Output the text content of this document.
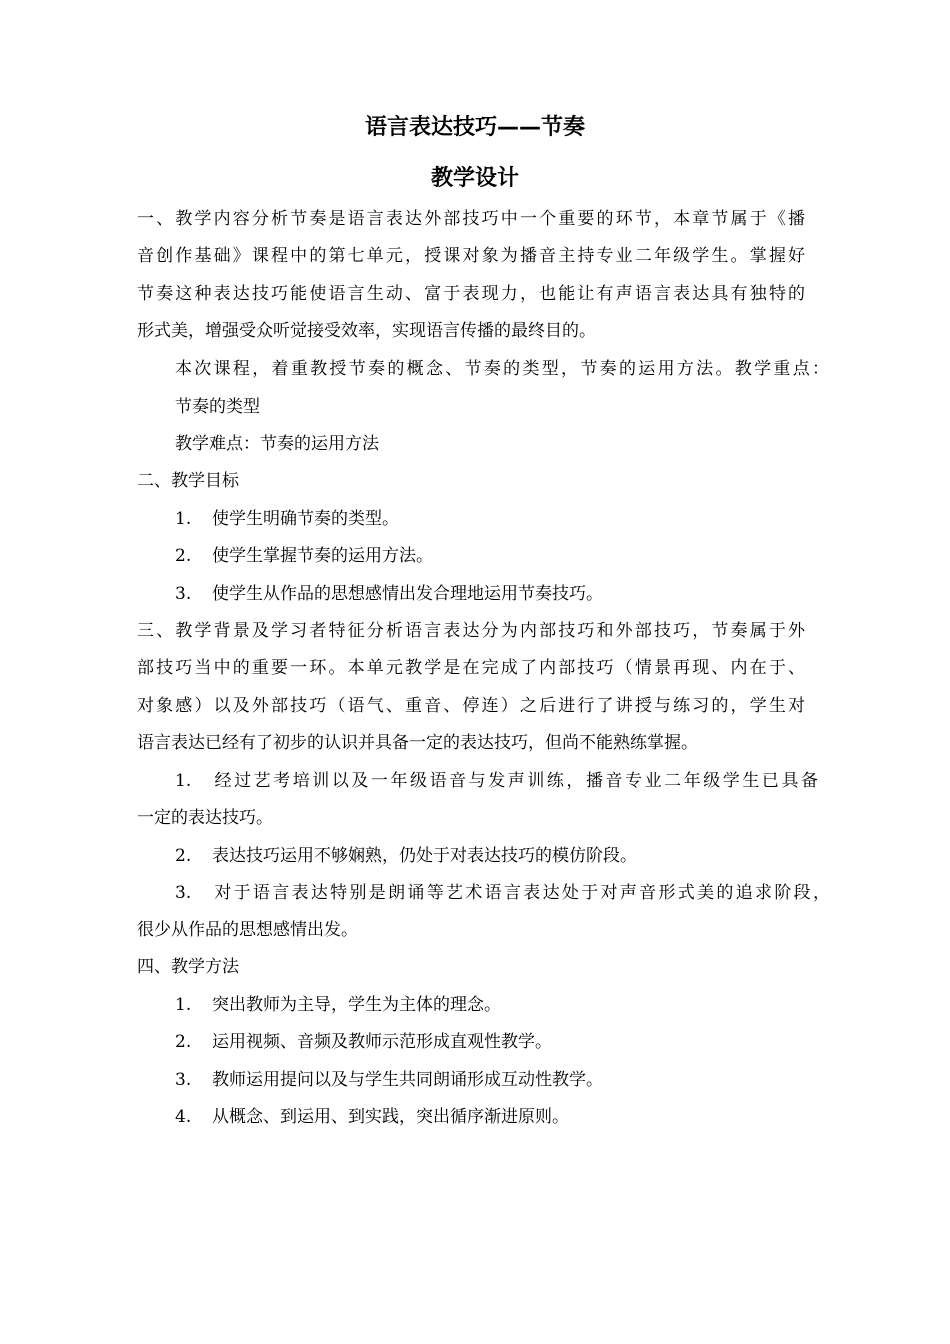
语言表达技巧——节奏
教学设计

一、教学内容分析节奏是语言表达外部技巧中一个重要的环节，本章节属于《播

音创作基础》课程中的第七单元，授课对象为播音主持专业二年级学生。掌握好

节奏这种表达技巧能使语言生动、富于表现力，也能让有声语言表达具有独特的

形式美，增强受众听觉接受效率，实现语言传播的最终目的。

本次课程，着重教授节奏的概念、节奏的类型，节奏的运用方法。教学重点：

节奏的类型

教学难点：节奏的运用方法

二、教学目标

1. 使学生明确节奏的类型。

2. 使学生掌握节奏的运用方法。

3. 使学生从作品的思想感情出发合理地运用节奏技巧。

三、教学背景及学习者特征分析语言表达分为内部技巧和外部技巧，节奏属于外

部技巧当中的重要一环。本单元教学是在完成了内部技巧（情景再现、内在于、

对象感）以及外部技巧（语气、重音、停连）之后进行了讲授与练习的，学生对

语言表达已经有了初步的认识并具备一定的表达技巧，但尚不能熟练掌握。

1. 经过艺考培训以及一年级语音与发声训练，播音专业二年级学生已具备

一定的表达技巧。

2. 表达技巧运用不够娴熟，仍处于对表达技巧的模仿阶段。

3. 对于语言表达特别是朗诵等艺术语言表达处于对声音形式美的追求阶段，

很少从作品的思想感情出发。

四、教学方法

1. 突出教师为主导，学生为主体的理念。

2. 运用视频、音频及教师示范形成直观性教学。

3. 教师运用提问以及与学生共同朗诵形成互动性教学。

4. 从概念、到运用、到实践，突出循序渐进原则。
